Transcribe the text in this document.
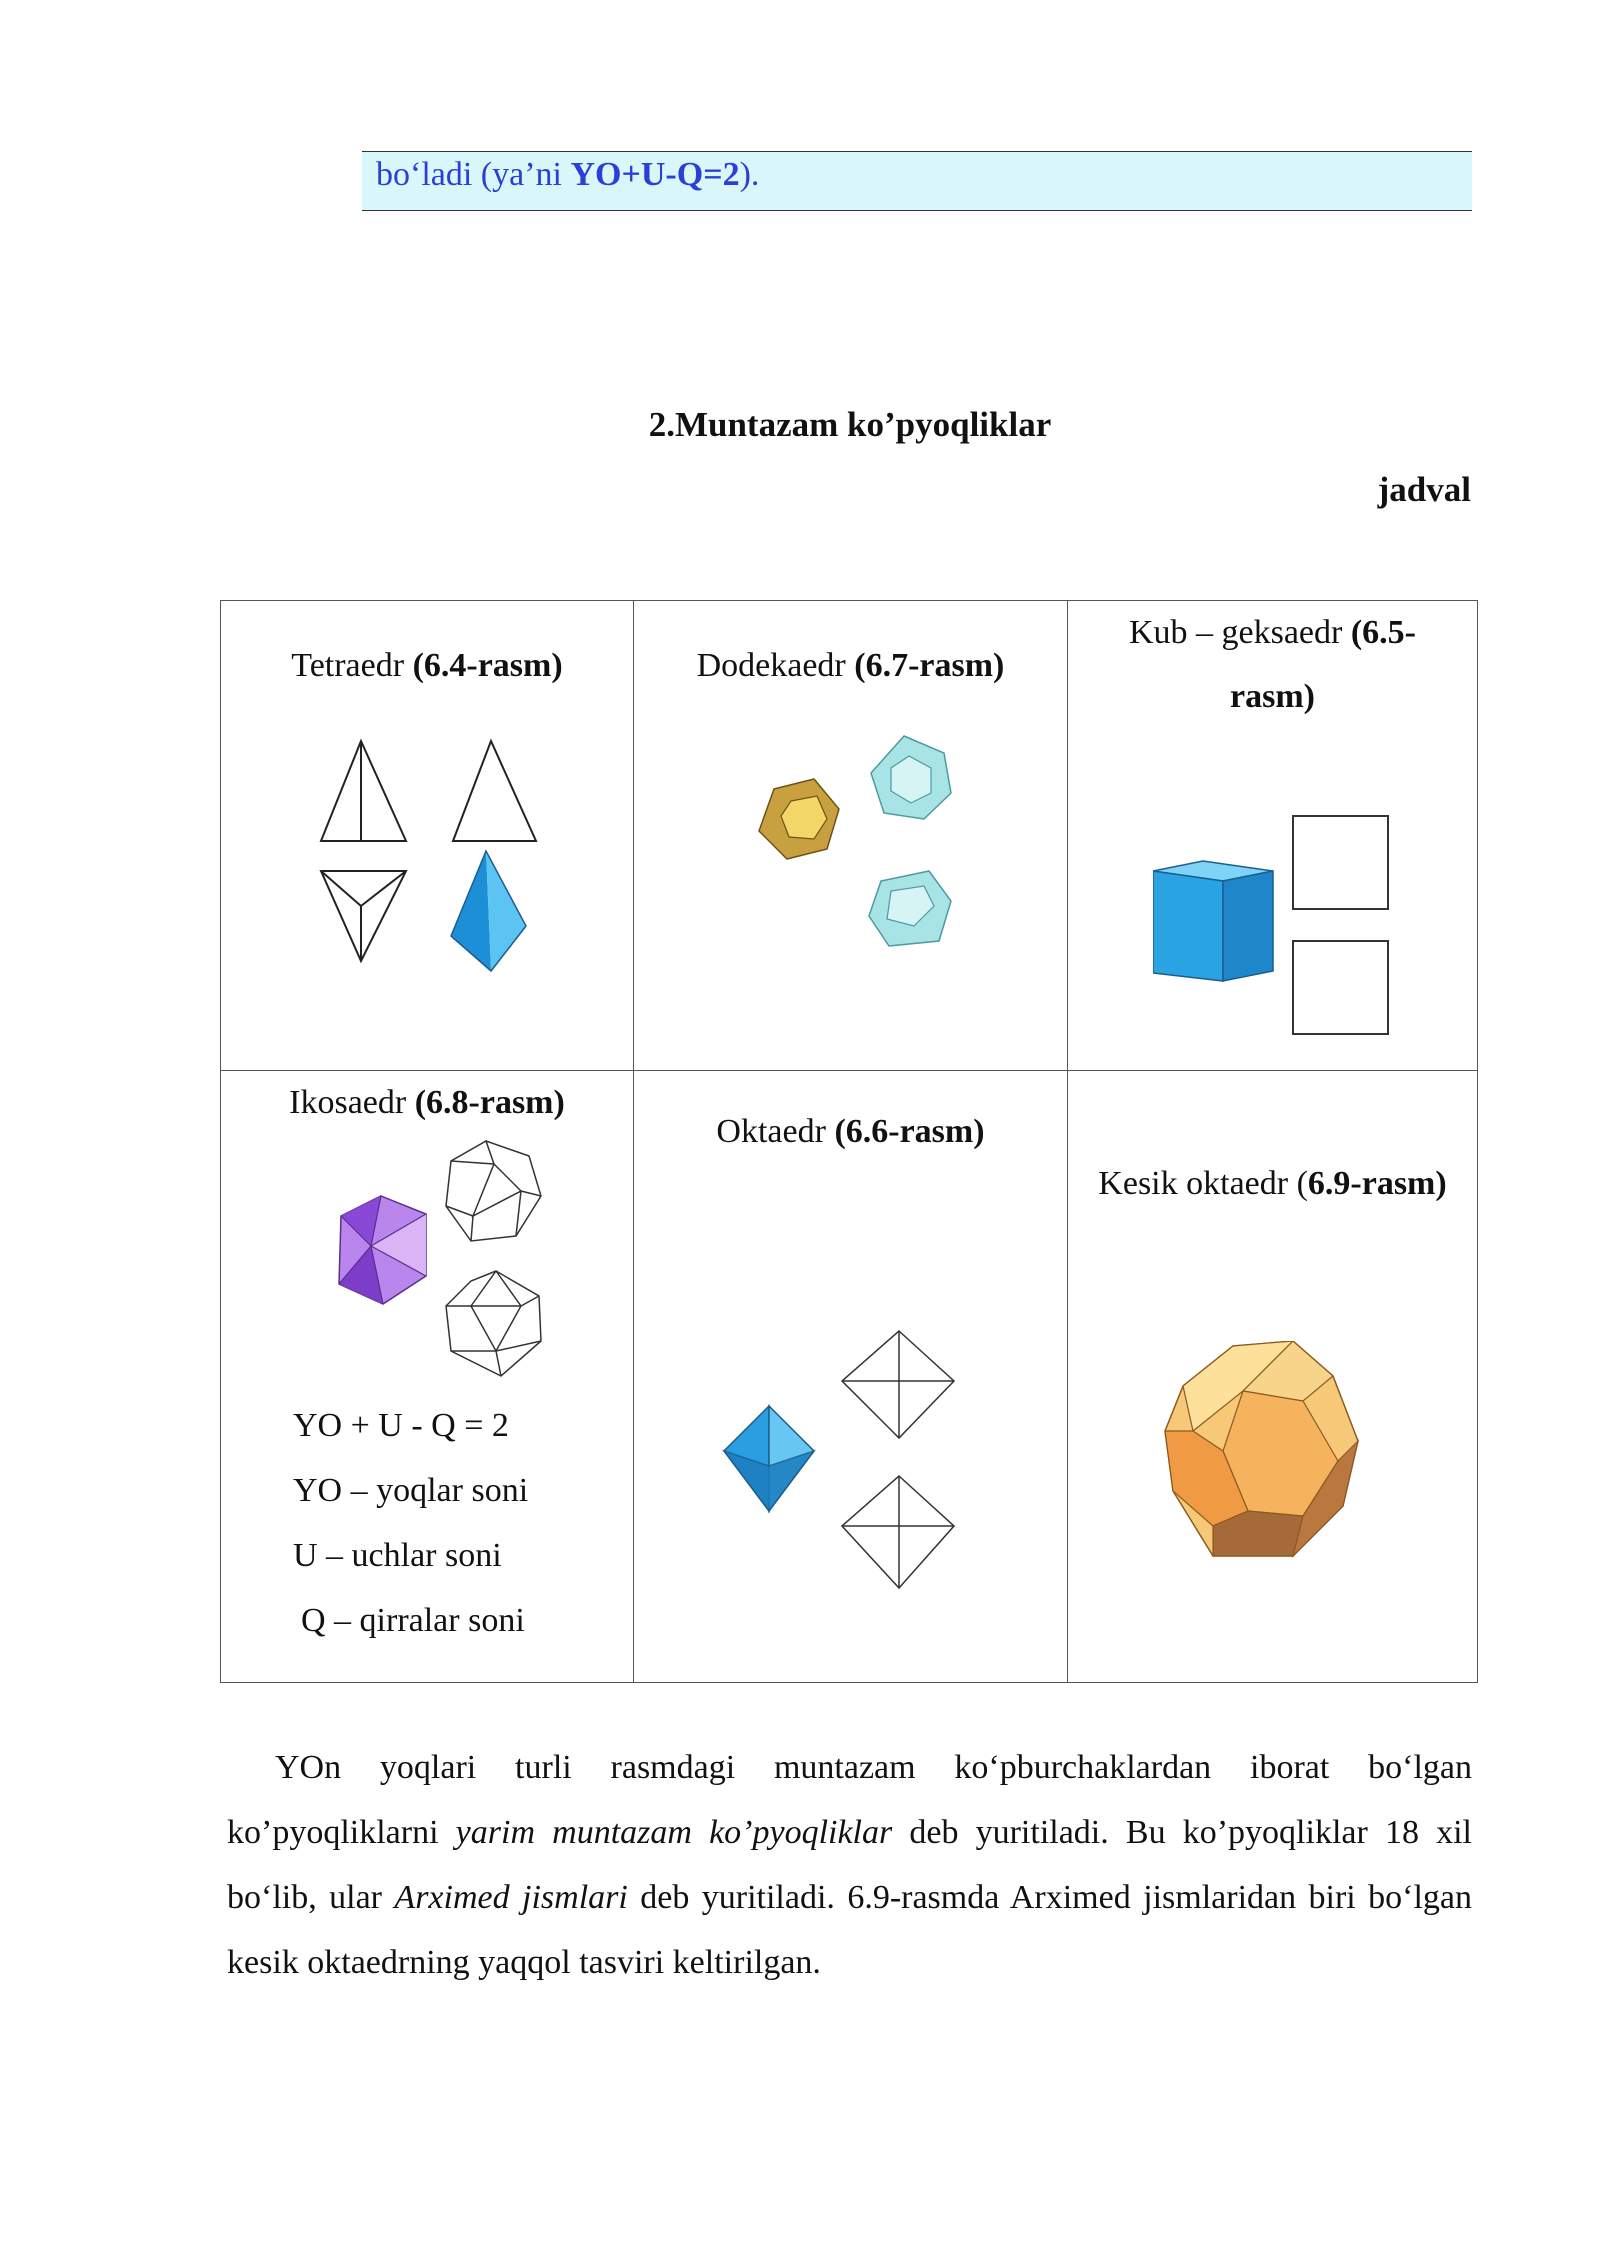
bo‘ladi (ya’ni YO+U-Q=2).
2.Muntazam ko’pyoqliklar
jadval
Tetraedr (6.4-rasm)	Dodekaedr (6.7-rasm)	Kub – geksaedr (6.5-
rasm)

Ikosaedr (6.8-rasm)
YO + U - Q = 2
YO – yoqlar soni
U – uchlar soni
Q – qirralar soni	Oktaedr (6.6-rasm)	Kesik oktaedr (6.9-rasm)

YOn yoqlari turli rasmdagi muntazam ko‘pburchaklardan iborat bo‘lgan ko’pyoqliklarni yarim muntazam ko’pyoqliklar deb yuritiladi. Bu ko’pyoqliklar 18 xil bo‘lib, ular Arximed jismlari deb yuritiladi. 6.9-rasmda Arximed jismlaridan biri bo‘lgan kesik oktaedrning yaqqol tasviri keltirilgan.
